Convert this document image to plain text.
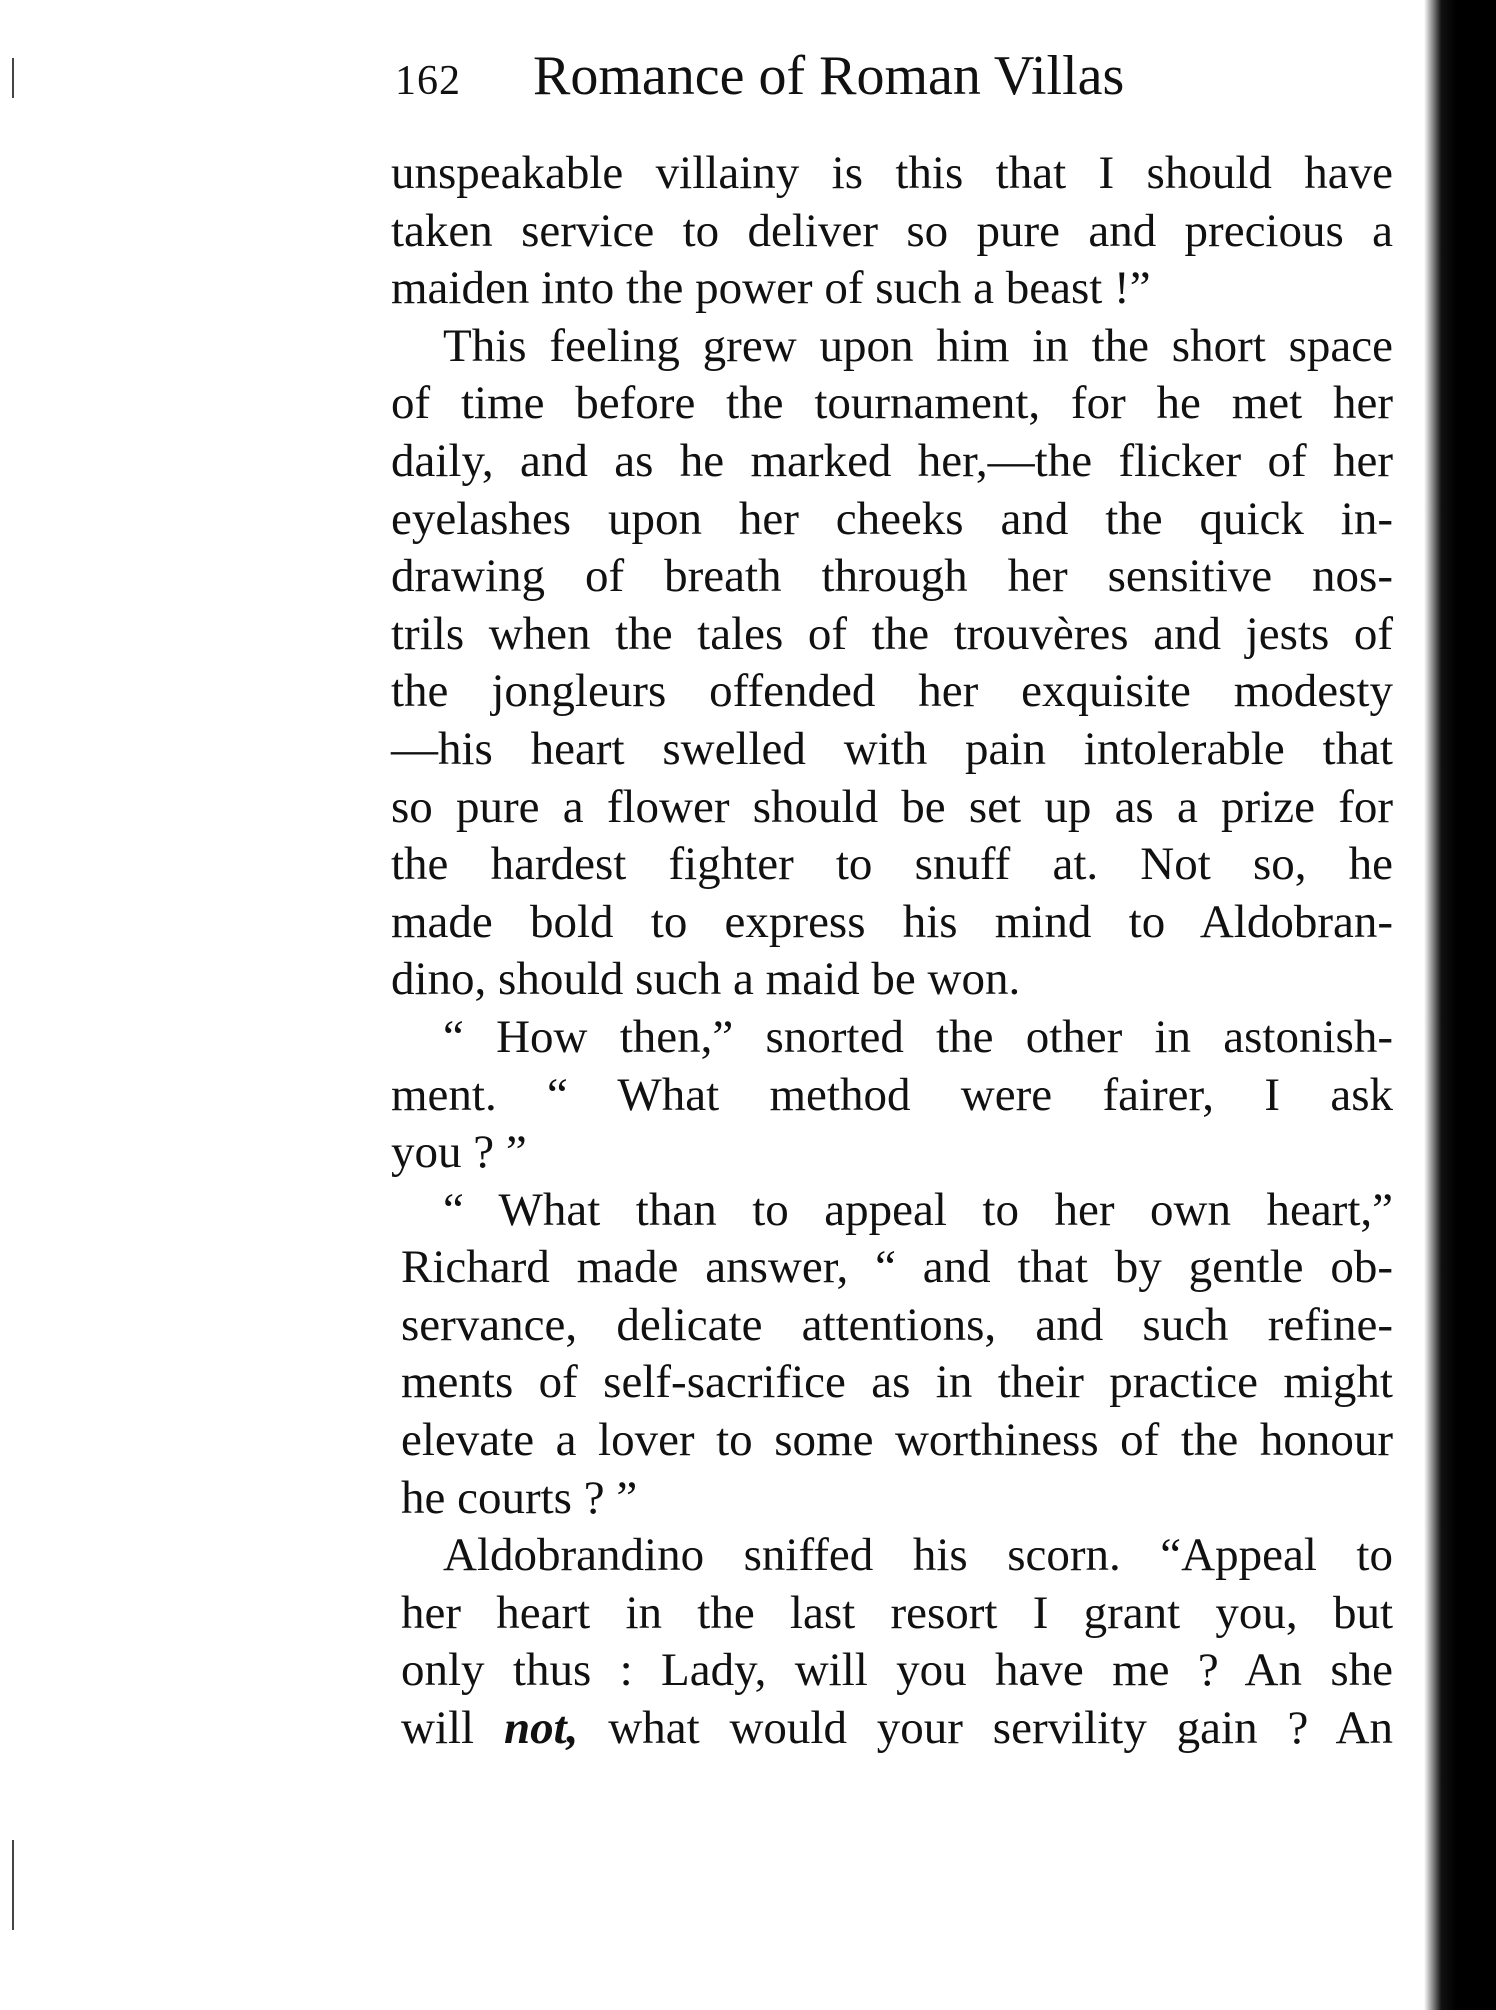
162 Romance of Roman Villas
unspeakable villainy is this that I should have
taken service to deliver so pure and precious a
maiden into the power of such a beast !”
This feeling grew upon him in the short space
of time before the tournament, for he met her
daily, and as he marked her,—the flicker of her
eyelashes upon her cheeks and the quick in-
drawing of breath through her sensitive nos-
trils when the tales of the trouvères and jests of
the jongleurs offended her exquisite modesty
—his heart swelled with pain intolerable that
so pure a flower should be set up as a prize for
the hardest fighter to snuff at. Not so, he
made bold to express his mind to Aldobran-
dino, should such a maid be won.
“ How then,” snorted the other in astonish-
ment. “ What method were fairer, I ask
you ? ”
“ What than to appeal to her own heart,”
Richard made answer, “ and that by gentle ob-
servance, delicate attentions, and such refine-
ments of self-sacrifice as in their practice might
elevate a lover to some worthiness of the honour
he courts ? ”
Aldobrandino sniffed his scorn. “Appeal to
her heart in the last resort I grant you, but
only thus : Lady, will you have me ? An she
will not, what would your servility gain ? An
